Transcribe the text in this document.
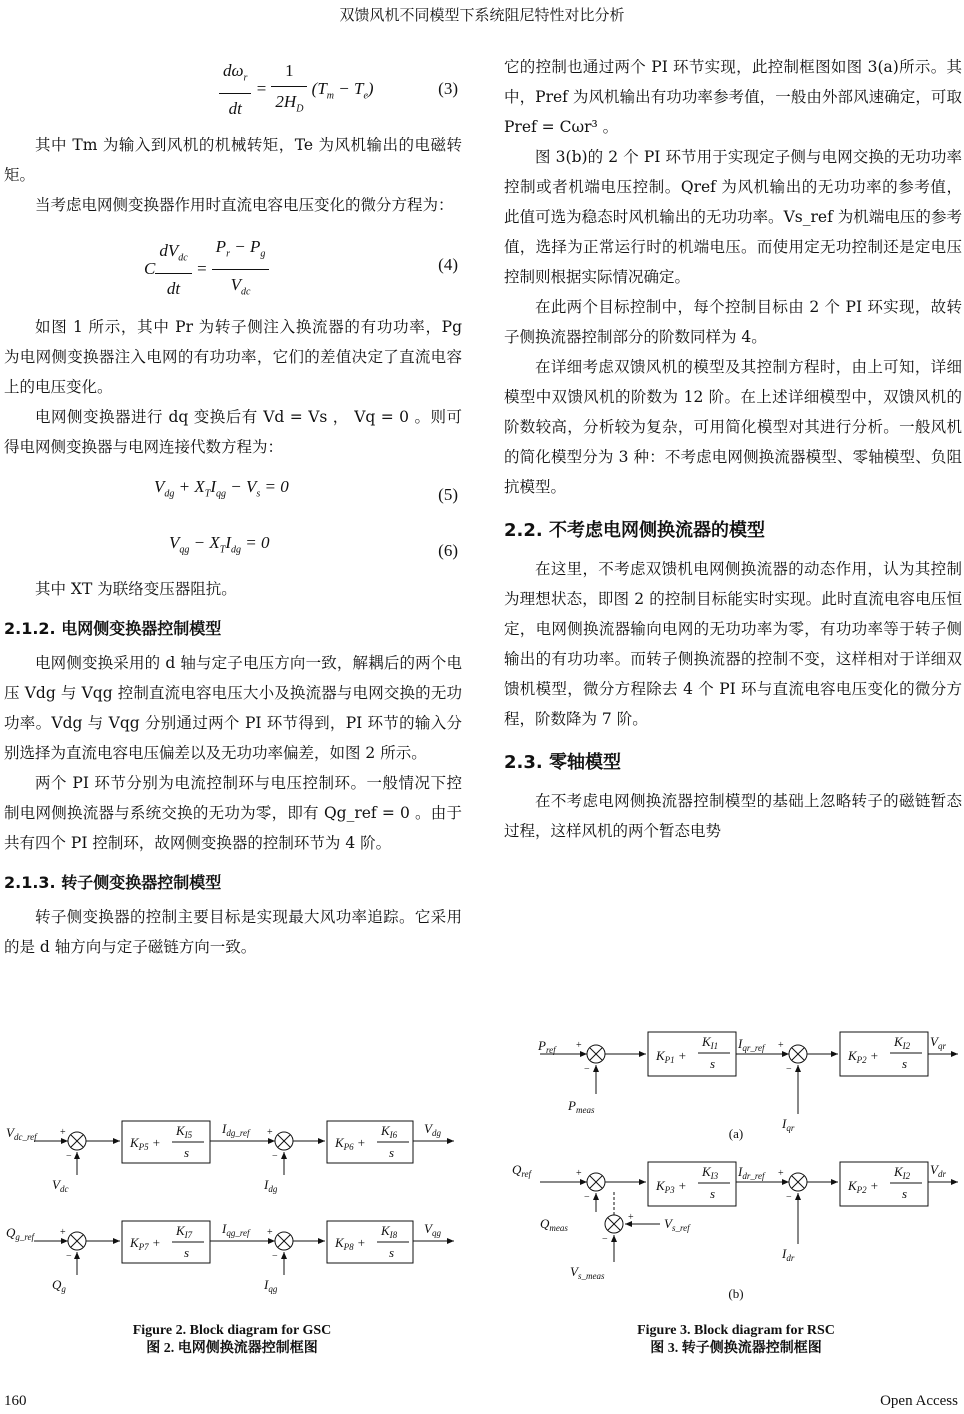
双馈风机不同模型下系统阻尼特性对比分析
$\frac{d\omega_r}{dt} = \frac{1}{2H_D} (T_m - T_e)$	(3)

其中 Tm 为输入到风机的机械转矩，Te 为风机输出的电磁转矩。

当考虑电网侧变换器作用时直流电容电压变化的微分方程为：

C $\frac{dV_{dc}}{dt} = \frac{P_r - P_g}{V_{dc}}$	(4)

如图 1 所示，其中 Pr 为转子侧注入换流器的有功功率，Pg 为电网侧变换器注入电网的有功功率，它们的差值决定了直流电容上的电压变化。

电网侧变换器进行 dq 变换后有 Vd = Vs ， Vq = 0 。则可得电网侧变换器与电网连接代数方程为：

$V_{dg} + X_TI_{qg} - V_s = 0$	(5)
$V_{qg} - X_TI_{dg} = 0$	(6)

其中 XT 为联络变压器阻抗。

2.1.2. 电网侧变换器控制模型

电网侧变换采用的 d 轴与定子电压方向一致，解耦后的两个电压 Vdg 与 Vqg 控制直流电容电压大小及换流器与电网交换的无功功率。Vdg 与 Vqg 分别通过两个 PI 环节得到，PI 环节的输入分别选择为直流电容电压偏差以及无功功率偏差，如图 2 所示。

两个 PI 环节分别为电流控制环与电压控制环。一般情况下控制电网侧换流器与系统交换的无功为零，即有 Qg_ref = 0 。由于共有四个 PI 控制环，故网侧变换器的控制环节为 4 阶。

2.1.3. 转子侧变换器控制模型

转子侧变换器的控制主要目标是实现最大风功率追踪。它采用的是 d 轴方向与定子磁链方向一致。

+
−
+
−
+
−
+
−
$V_{dc\_ref}$
$V_{dc}$
$K_{P5}$ +
$K_{I5}$
s
$I_{dg\_ref}$
$I_{dg}$
$K_{P6}$ +
$K_{I6}$
s
$V_{dg}$
$Q_{g\_ref}$
$Q_g$
$K_{P7}$ +
$K_{I7}$
s
$I_{qg\_ref}$
$I_{qg}$
$K_{P8}$ +
$K_{I8}$
s
$V_{qg}$
Figure 2. Block diagram for GSC
图 2. 电网侧换流器控制框图

它的控制也通过两个 PI 环节实现，此控制框图如图 3(a)所示。其中，Pref 为风机输出有功功率参考值，一般由外部风速确定，可取 Pref = Cωr³ 。

图 3(b)的 2 个 PI 环节用于实现定子侧与电网交换的无功功率控制或者机端电压控制。Qref 为风机输出的无功功率的参考值，此值可选为稳态时风机输出的无功功率。Vs_ref 为机端电压的参考值，选择为正常运行时的机端电压。而使用定无功控制还是定电压控制则根据实际情况确定。

在此两个目标控制中，每个控制目标由 2 个 PI 环实现，故转子侧换流器控制部分的阶数同样为 4。

在详细考虑双馈风机的模型及其控制方程时，由上可知，详细模型中双馈风机的阶数为 12 阶。在上述详细模型中，双馈风机的阶数较高，分析较为复杂，可用简化模型对其进行分析。一般风机的简化模型分为 3 种：不考虑电网侧换流器模型、零轴模型、负阻抗模型。

2.2. 不考虑电网侧换流器的模型

在这里，不考虑双馈机电网侧换流器的动态作用，认为其控制为理想状态，即图 2 的控制目标能实时实现。此时直流电容电压恒定，电网侧换流器输向电网的无功功率为零，有功功率等于转子侧输出的有功功率。而转子侧换流器的控制不变，这样相对于详细双馈机模型，微分方程除去 4 个 PI 环与直流电容电压变化的微分方程，阶数降为 7 阶。

2.3. 零轴模型

在不考虑电网侧换流器控制模型的基础上忽略转子的磁链暂态过程，这样风机的两个暂态电势

+
−
+
−
+
−
+
−
+
−
$P_{ref}$
$P_{meas}$
$K_{P1}$ +
$K_{I1}$
s
$I_{qr\_ref}$
$I_{qr}$
$K_{P2}$ +
$K_{I2}$
s
$V_{qr}$
$Q_{ref}$
$Q_{meas}$
$K_{P3}$ +
$K_{I3}$
s
$I_{dr\_ref}$
$I_{dr}$
$K_{P2}$ +
$K_{I2}$
s
$V_{dr}$
$V_{s\_ref}$
$V_{s\_meas}$
(a)
(b)
Figure 3. Block diagram for RSC
图 3. 转子侧换流器控制框图
160	Open Access
